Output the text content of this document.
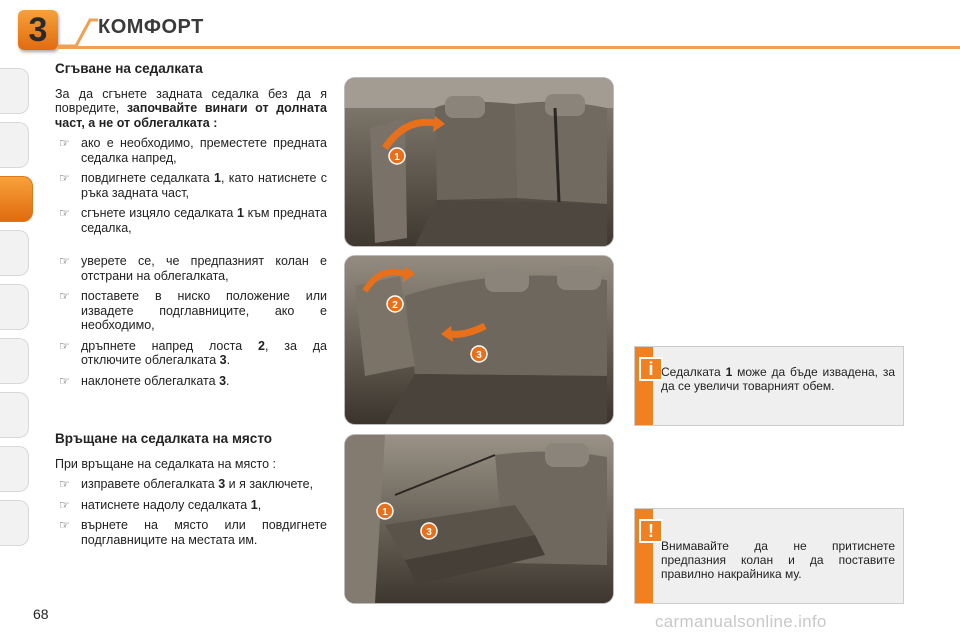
3	КОМФОРТ
Сгъване на седалката
За да сгънете задната седалка без да я повредите, започвайте винаги от долната част, а не от облегалката :
☞ ако е необходимо, преместете предната седалка напред,
☞ повдигнете седалката 1, като натиснете с ръка задната част,
☞ сгънете изцяло седалката 1 към предната седалка,
☞ уверете се, че предпазният колан е отстрани на облегалката,
☞ поставете в ниско положение или извадете подглавниците, ако е необходимо,
☞ дръпнете напред лоста 2, за да отключите облегалката 3.
☞ наклонете облегалката 3.
Връщане на седалката на място
При връщане на седалката на място :
☞ изправете облегалката 3 и я заключете,
☞ натиснете надолу седалката 1,
☞ върнете на място или повдигнете подглавниците на местата им.
1
2
3
1
3
i Седалката 1 може да бъде извадена, за да се увеличи товарният обем.
!
Внимавайте да не притиснете предпазния колан и да поставите правилно накрайника му.
68	carmanualsonline.info
